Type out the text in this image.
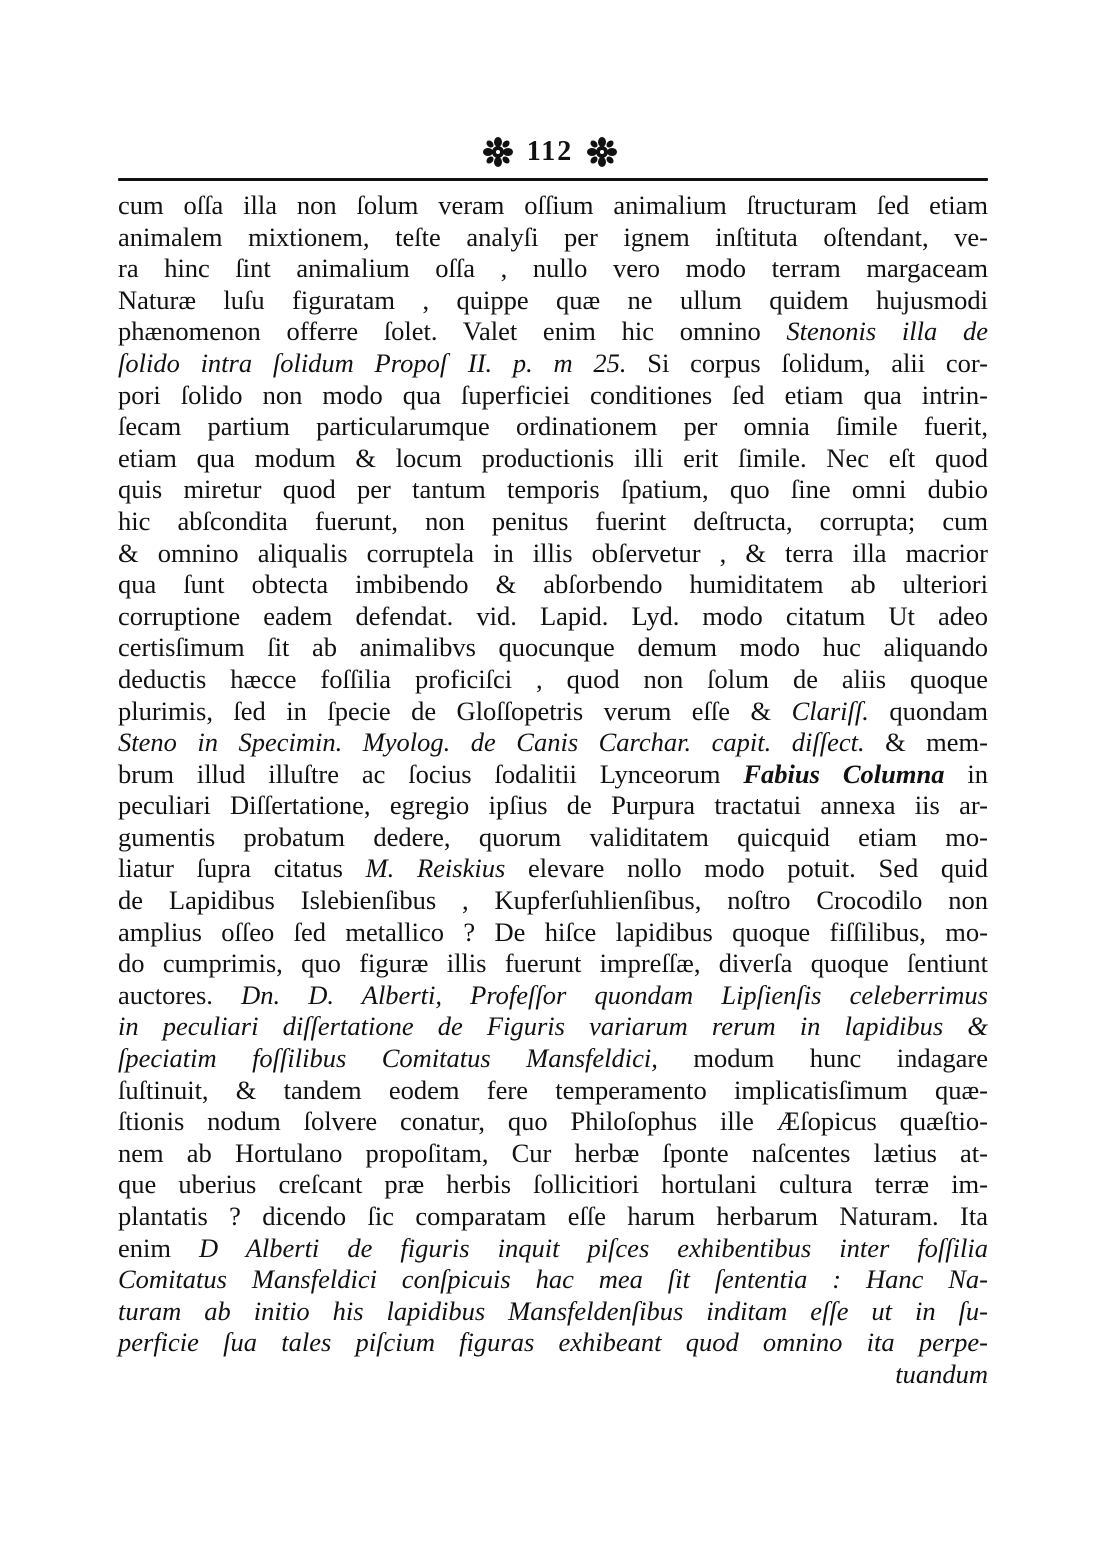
112
cum oſſa illa non ſolum veram oſſium animalium ſtructuram ſed etiam
animalem mixtionem, teſte analyſi per ignem inſtituta oſtendant, ve-
ra hinc ſint animalium oſſa , nullo vero modo terram margaceam
Naturæ luſu figuratam , quippe quæ ne ullum quidem hujusmodi
phænomenon offerre ſolet. Valet enim hic omnino Stenonis illa de
ſolido intra ſolidum Propoſ II. p. m 25. Si corpus ſolidum, alii cor-
pori ſolido non modo qua ſuperficiei conditiones ſed etiam qua intrin-
ſecam partium particularumque ordinationem per omnia ſimile fuerit,
etiam qua modum & locum productionis illi erit ſimile. Nec eſt quod
quis miretur quod per tantum temporis ſpatium, quo ſine omni dubio
hic abſcondita fuerunt, non penitus fuerint deſtructa, corrupta; cum
& omnino aliqualis corruptela in illis obſervetur , & terra illa macrior
qua ſunt obtecta imbibendo & abſorbendo humiditatem ab ulteriori
corruptione eadem defendat. vid. Lapid. Lyd. modo citatum Ut adeo
certisſimum ſit ab animalibvs quocunque demum modo huc aliquando
deductis hæcce foſſilia proficiſci , quod non ſolum de aliis quoque
plurimis, ſed in ſpecie de Gloſſopetris verum eſſe & Clariſſ. quondam
Steno in Specimin. Myolog. de Canis Carchar. capit. diſſect. & mem-
brum illud illuſtre ac ſocius ſodalitii Lynceorum Fabius Columna in
peculiari Diſſertatione, egregio ipſius de Purpura tractatui annexa iis ar-
gumentis probatum dedere, quorum validitatem quicquid etiam mo-
liatur ſupra citatus M. Reiskius elevare nollo modo potuit. Sed quid
de Lapidibus Islebienſibus , Kupferſuhlienſibus, noſtro Crocodilo non
amplius oſſeo ſed metallico ? De hiſce lapidibus quoque fiſſilibus, mo-
do cumprimis, quo figuræ illis fuerunt impreſſæ, diverſa quoque ſentiunt
auctores. Dn. D. Alberti, Profeſſor quondam Lipſienſis celeberrimus
in peculiari diſſertatione de Figuris variarum rerum in lapidibus &
ſpeciatim foſſilibus Comitatus Mansfeldici, modum hunc indagare
ſuſtinuit, & tandem eodem fere temperamento implicatisſimum quæ-
ſtionis nodum ſolvere conatur, quo Philoſophus ille Æſopicus quæſtio-
nem ab Hortulano propoſitam, Cur herbæ ſponte naſcentes lætius at-
que uberius creſcant præ herbis ſollicitiori hortulani cultura terræ im-
plantatis ? dicendo ſic comparatam eſſe harum herbarum Naturam. Ita
enim D Alberti de figuris inquit piſces exhibentibus inter foſſilia
Comitatus Mansfeldici conſpicuis hac mea ſit ſententia : Hanc Na-
turam ab initio his lapidibus Mansfeldenſibus inditam eſſe ut in ſu-
perficie ſua tales piſcium figuras exhibeant quod omnino ita perpe-
tuandum
